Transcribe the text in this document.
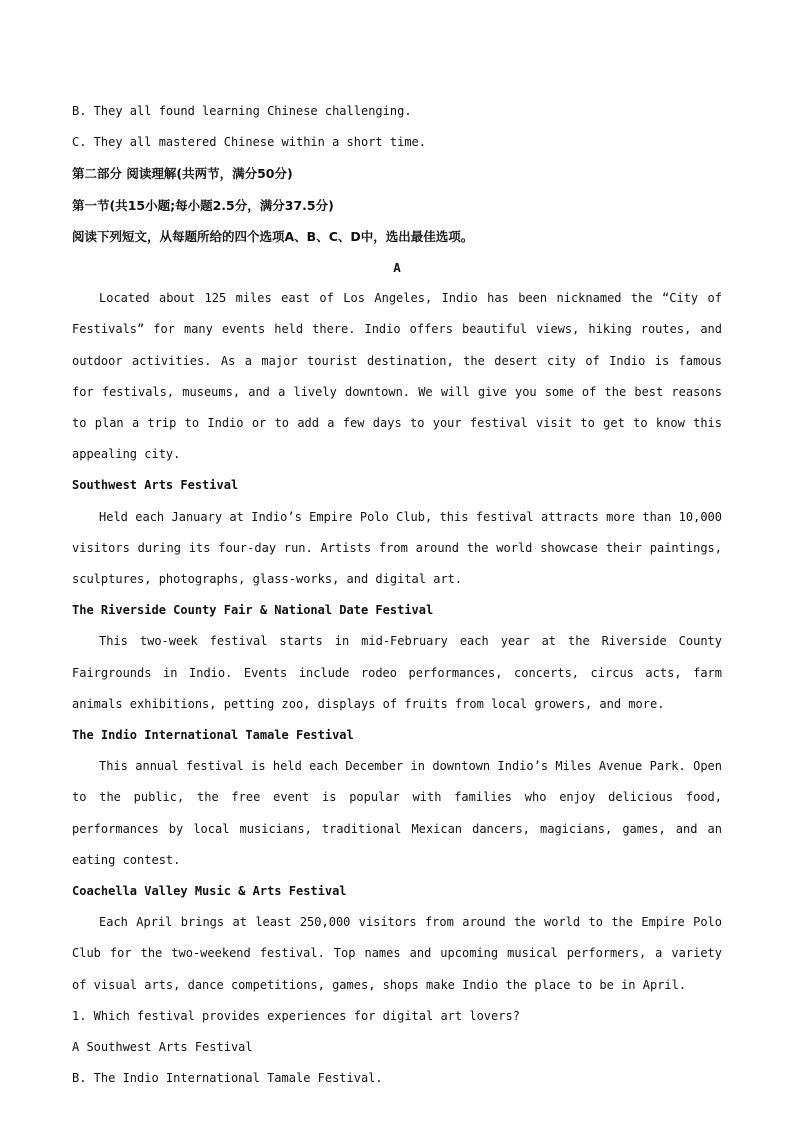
B. They all found learning Chinese challenging.
C. They all mastered Chinese within a short time.
第二部分 阅读理解(共两节，满分50分)
第一节(共15小题;每小题2.5分，满分37.5分)
阅读下列短文，从每题所给的四个选项A、B、C、D中，选出最佳选项。
A

Located about 125 miles east of Los Angeles, Indio has been nicknamed the “City of Festivals” for many events held there. Indio offers beautiful views, hiking routes, and outdoor activities. As a major tourist destination, the desert city of Indio is famous for festivals, museums, and a lively downtown. We will give you some of the best reasons to plan a trip to Indio or to add a few days to your festival visit to get to know this appealing city.

Southwest Arts Festival

Held each January at Indio’s Empire Polo Club, this festival attracts more than 10,000 visitors during its four-day run. Artists from around the world showcase their paintings, sculptures, photographs, glass-works, and digital art.

The Riverside County Fair & National Date Festival

This two-week festival starts in mid-February each year at the Riverside County Fairgrounds in Indio. Events include rodeo performances, concerts, circus acts, farm animals exhibitions, petting zoo, displays of fruits from local growers, and more.

The Indio International Tamale Festival

This annual festival is held each December in downtown Indio’s Miles Avenue Park. Open to the public, the free event is popular with families who enjoy delicious food, performances by local musicians, traditional Mexican dancers, magicians, games, and an eating contest.

Coachella Valley Music & Arts Festival

Each April brings at least 250,000 visitors from around the world to the Empire Polo Club for the two-weekend festival. Top names and upcoming musical performers, a variety of visual arts, dance competitions, games, shops make Indio the place to be in April.

1. Which festival provides experiences for digital art lovers?
A Southwest Arts Festival
B. The Indio International Tamale Festival.
